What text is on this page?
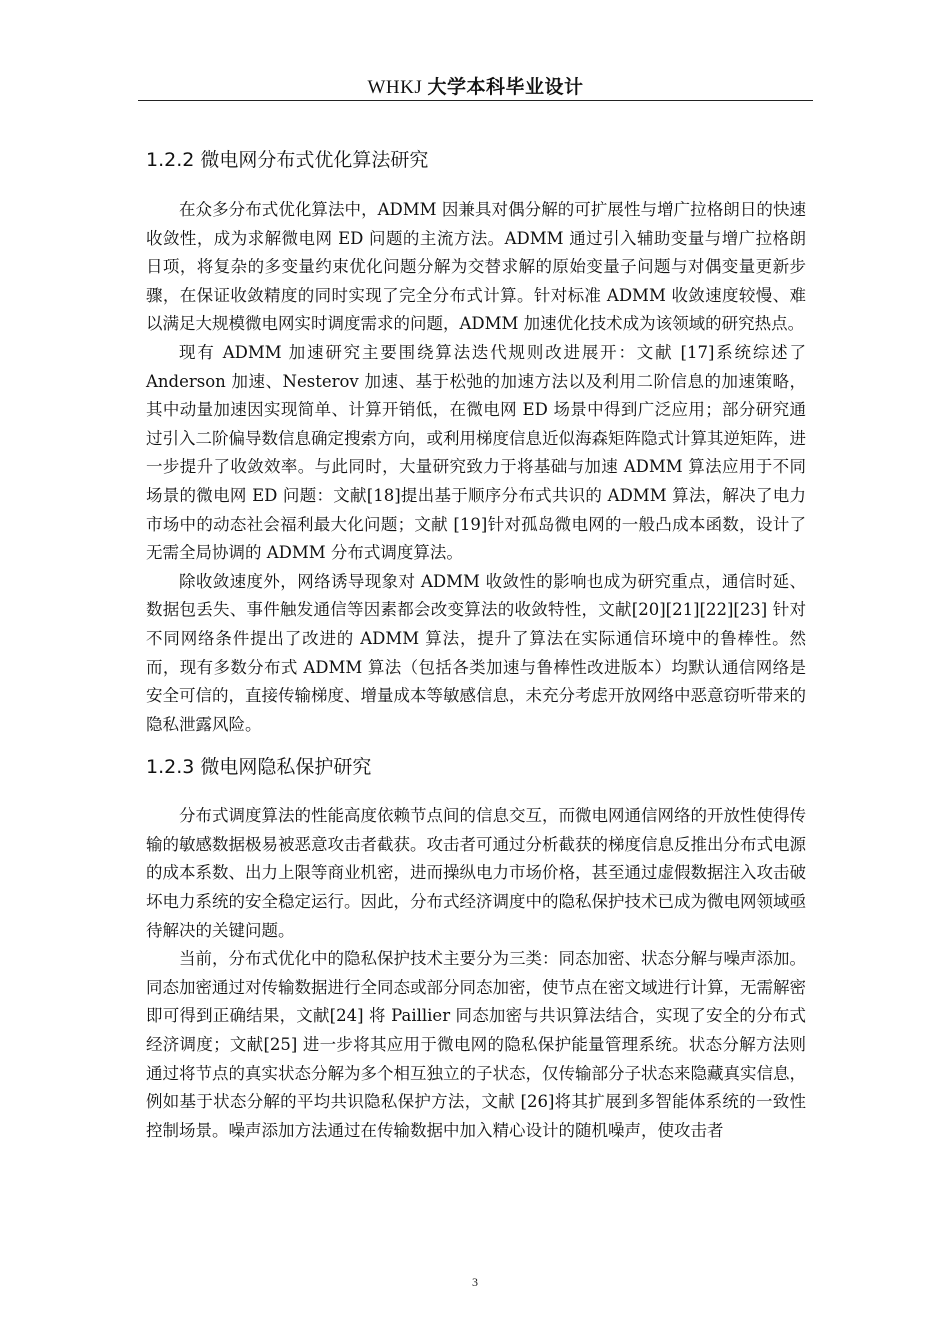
WHKJ 大学本科毕业设计
1.2.2 微电网分布式优化算法研究

在众多分布式优化算法中，ADMM 因兼具对偶分解的可扩展性与增广拉格朗日的快速收敛性，成为求解微电网 ED 问题的主流方法。ADMM 通过引入辅助变量与增广拉格朗日项，将复杂的多变量约束优化问题分解为交替求解的原始变量子问题与对偶变量更新步骤，在保证收敛精度的同时实现了完全分布式计算。针对标准 ADMM 收敛速度较慢、难以满足大规模微电网实时调度需求的问题，ADMM 加速优化技术成为该领域的研究热点。

现有 ADMM 加速研究主要围绕算法迭代规则改进展开：文献 [17]系统综述了 Anderson 加速、Nesterov 加速、基于松弛的加速方法以及利用二阶信息的加速策略，其中动量加速因实现简单、计算开销低，在微电网 ED 场景中得到广泛应用；部分研究通过引入二阶偏导数信息确定搜索方向，或利用梯度信息近似海森矩阵隐式计算其逆矩阵，进一步提升了收敛效率。与此同时，大量研究致力于将基础与加速 ADMM 算法应用于不同场景的微电网 ED 问题：文献[18]提出基于顺序分布式共识的 ADMM 算法，解决了电力市场中的动态社会福利最大化问题；文献 [19]针对孤岛微电网的一般凸成本函数，设计了无需全局协调的 ADMM 分布式调度算法。

除收敛速度外，网络诱导现象对 ADMM 收敛性的影响也成为研究重点，通信时延、数据包丢失、事件触发通信等因素都会改变算法的收敛特性，文献[20][21][22][23] 针对不同网络条件提出了改进的 ADMM 算法，提升了算法在实际通信环境中的鲁棒性。然而，现有多数分布式 ADMM 算法（包括各类加速与鲁棒性改进版本）均默认通信网络是安全可信的，直接传输梯度、增量成本等敏感信息，未充分考虑开放网络中恶意窃听带来的隐私泄露风险。

1.2.3 微电网隐私保护研究

分布式调度算法的性能高度依赖节点间的信息交互，而微电网通信网络的开放性使得传输的敏感数据极易被恶意攻击者截获。攻击者可通过分析截获的梯度信息反推出分布式电源的成本系数、出力上限等商业机密，进而操纵电力市场价格，甚至通过虚假数据注入攻击破坏电力系统的安全稳定运行。因此，分布式经济调度中的隐私保护技术已成为微电网领域亟待解决的关键问题。

当前，分布式优化中的隐私保护技术主要分为三类：同态加密、状态分解与噪声添加。同态加密通过对传输数据进行全同态或部分同态加密，使节点在密文域进行计算，无需解密即可得到正确结果，文献[24] 将 Paillier 同态加密与共识算法结合，实现了安全的分布式经济调度；文献[25] 进一步将其应用于微电网的隐私保护能量管理系统。状态分解方法则通过将节点的真实状态分解为多个相互独立的子状态，仅传输部分子状态来隐藏真实信息，例如基于状态分解的平均共识隐私保护方法，文献 [26]将其扩展到多智能体系统的一致性控制场景。噪声添加方法通过在传输数据中加入精心设计的随机噪声，使攻击者

3
